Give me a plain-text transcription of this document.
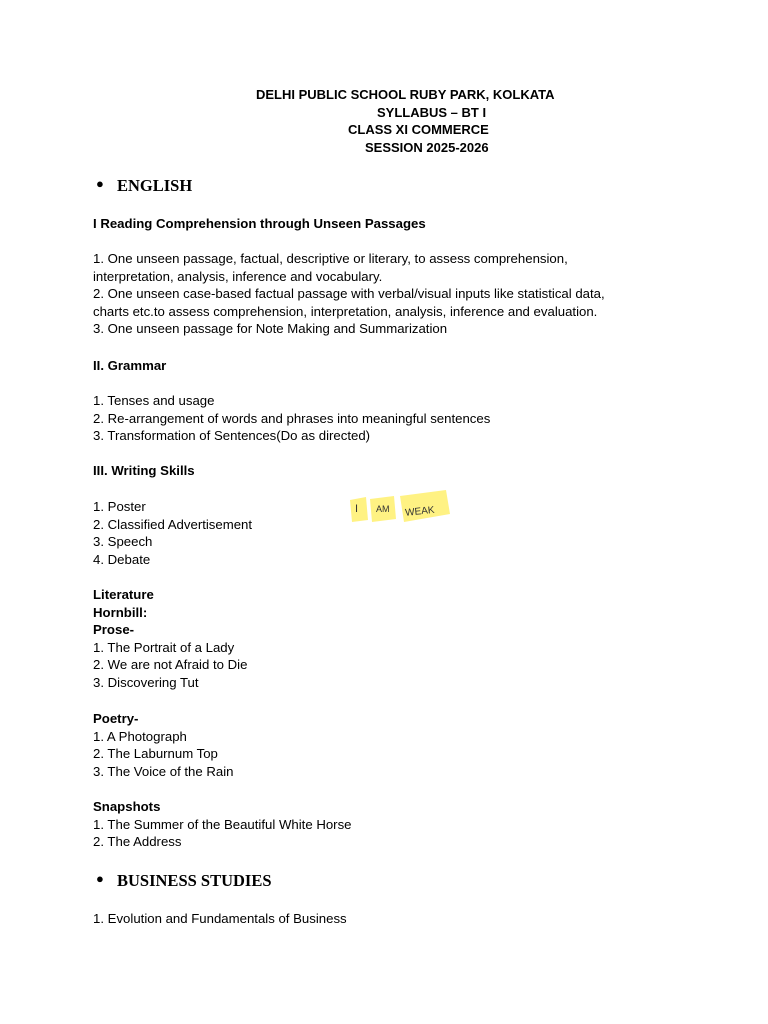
DELHI PUBLIC SCHOOL RUBY PARK, KOLKATA
SYLLABUS – BT I
CLASS XI COMMERCE
SESSION 2025-2026
● ENGLISH
I Reading Comprehension through Unseen Passages
1. One unseen passage, factual, descriptive or literary, to assess comprehension,
interpretation, analysis, inference and vocabulary.
2. One unseen case-based factual passage with verbal/visual inputs like statistical data,
charts etc.to assess comprehension, interpretation, analysis, inference and evaluation.
3. One unseen passage for Note Making and Summarization
II. Grammar
1. Tenses and usage
2. Re-arrangement of words and phrases into meaningful sentences
3. Transformation of Sentences(Do as directed)
III. Writing Skills
1. Poster
2. Classified Advertisement
3. Speech
4. Debate
I AM WEAK
Literature
Hornbill:
Prose-
1. The Portrait of a Lady
2. We are not Afraid to Die
3. Discovering Tut
Poetry-
1. A Photograph
2. The Laburnum Top
3. The Voice of the Rain
Snapshots
1. The Summer of the Beautiful White Horse
2. The Address
● BUSINESS STUDIES
1. Evolution and Fundamentals of Business
